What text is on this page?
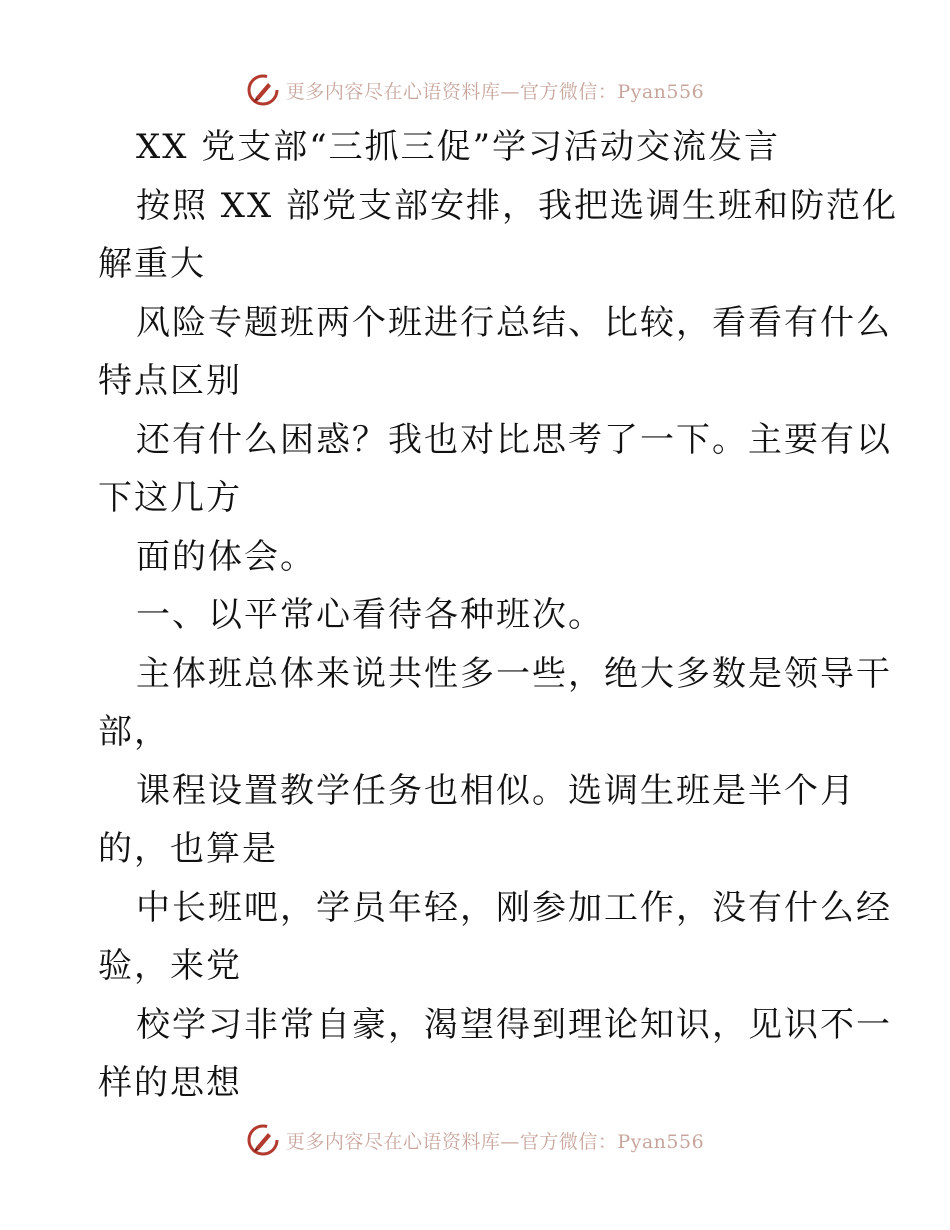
更多内容尽在心语资料库—官方微信：Pyan556
XX 党支部“三抓三促”学习活动交流发言
按照 XX 部党支部安排，我把选调生班和防范化
解重大
风险专题班两个班进行总结、比较，看看有什么
特点区别
还有什么困惑？我也对比思考了一下。主要有以
下这几方
面的体会。
一、以平常心看待各种班次。
主体班总体来说共性多一些，绝大多数是领导干
部，
课程设置教学任务也相似。选调生班是半个月
的，也算是
中长班吧，学员年轻，刚参加工作，没有什么经
验，来党
校学习非常自豪，渴望得到理论知识，见识不一
样的思想
更多内容尽在心语资料库—官方微信：Pyan556
